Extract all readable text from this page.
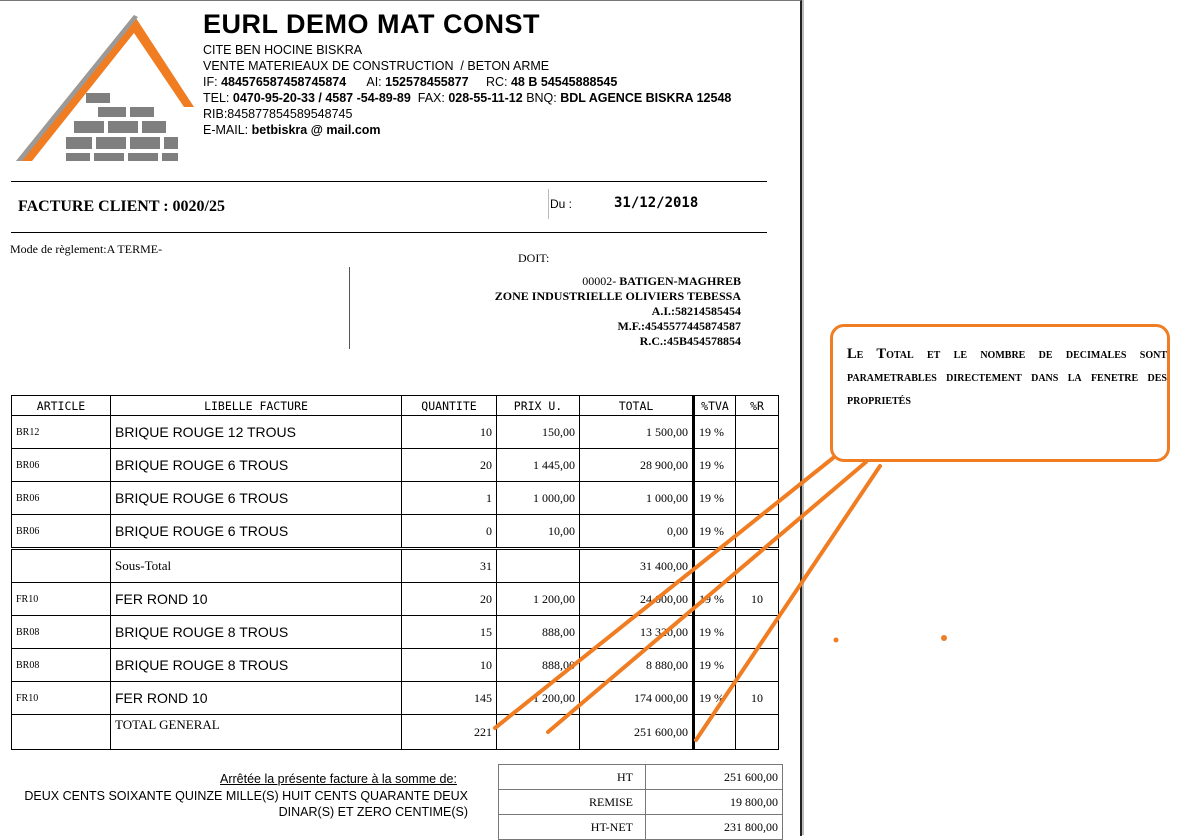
EURL DEMO MAT CONST
CITE BEN HOCINE BISKRA
VENTE MATERIEAUX DE CONSTRUCTION  / BETON ARME
IF: 484576587458745874 AI: 152578455877 RC: 48 B 54545888545
TEL: 0470-95-20-33 / 4587 -54-89-89 FAX: 028-55-11-12 BNQ: BDL AGENCE BISKRA 12548
RIB:845877854589548745
E-MAIL: betbiskra @ mail.com
FACTURE CLIENT : 0020/25	Du :	31/12/2018
Mode de règlement:A TERME-
DOIT:
00002- BATIGEN-MAGHREB
ZONE INDUSTRIELLE OLIVIERS TEBESSA
A.I.:58214585454
M.F.:4545577445874587
R.C.:45B454578854
ARTICLE	LIBELLE FACTURE	QUANTITE	PRIX U.	TOTAL	%TVA	%R
BR12	BRIQUE ROUGE 12 TROUS	10	150,00	1 500,00	19 %	
BR06	BRIQUE ROUGE 6 TROUS	20	1 445,00	28 900,00	19 %	
BR06	BRIQUE ROUGE 6 TROUS	1	1 000,00	1 000,00	19 %	
BR06	BRIQUE ROUGE 6 TROUS	0	10,00	0,00	19 %	
	Sous-Total	31		31 400,00		
FR10	FER ROND 10	20	1 200,00	24 000,00	19 %	10
BR08	BRIQUE ROUGE 8 TROUS	15	888,00	13 320,00	19 %	
BR08	BRIQUE ROUGE 8 TROUS	10	888,00	8 880,00	19 %	
FR10	FER ROND 10	145	1 200,00	174 000,00	19 %	10
	TOTAL GENERAL	221		251 600,00		
Arrêtée la présente facture à la somme de:
DEUX CENTS SOIXANTE QUINZE MILLE(S) HUIT CENTS QUARANTE DEUX
DINAR(S) ET ZERO CENTIME(S)
HT	251 600,00
REMISE	19 800,00
HT-NET	231 800,00
Le Total et le nombre de decimales sont parametrables directement dans la fenetre des proprietés
